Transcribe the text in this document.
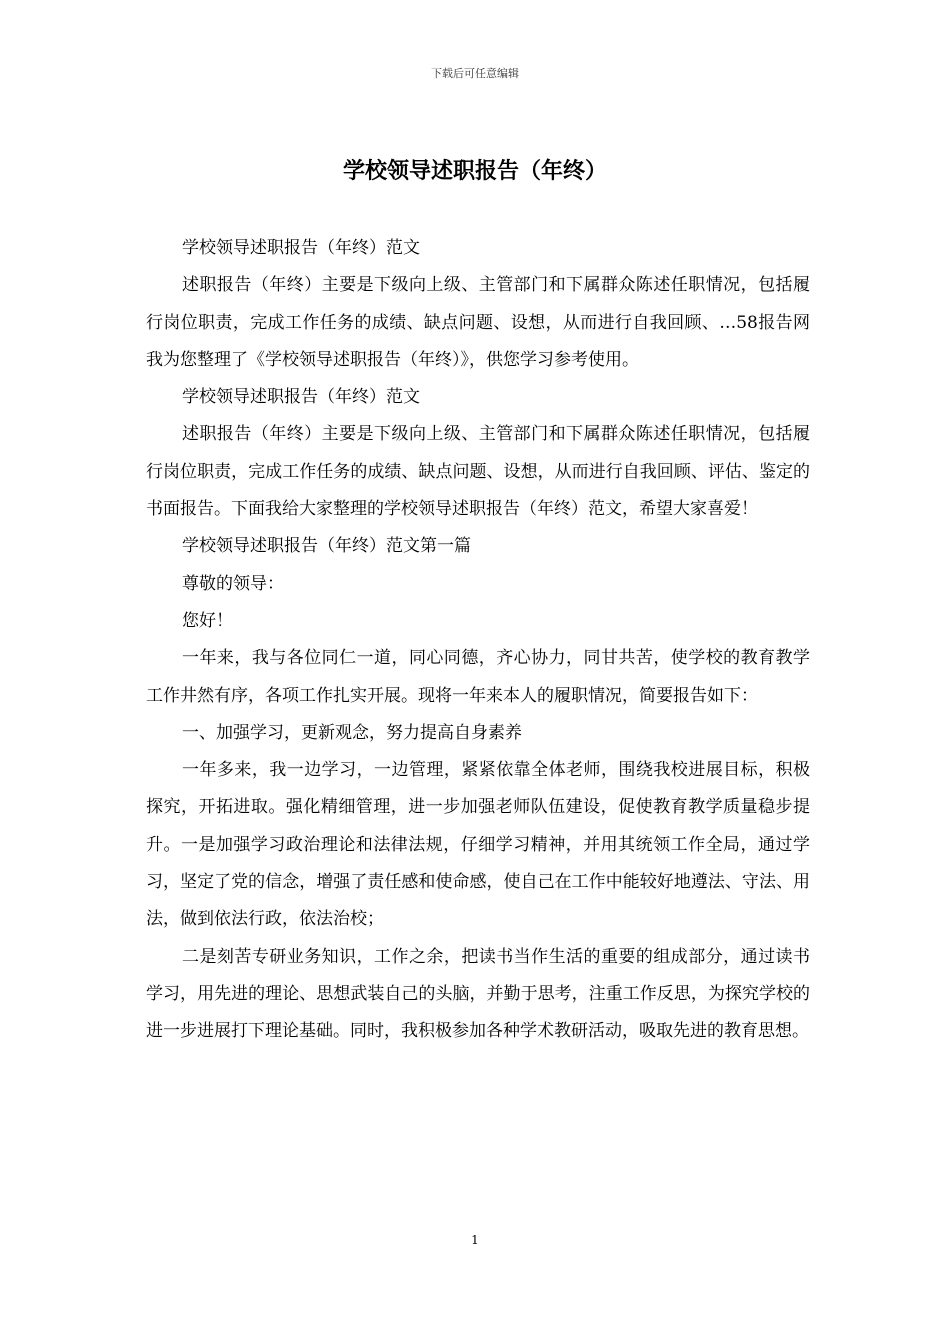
下载后可任意编辑
学校领导述职报告（年终）

学校领导述职报告（年终）范文

述职报告（年终）主要是下级向上级、主管部门和下属群众陈述任职情况，包括履行岗位职责，完成工作任务的成绩、缺点问题、设想，从而进行自我回顾、…58报告网我为您整理了《学校领导述职报告（年终）》，供您学习参考使用。

学校领导述职报告（年终）范文

述职报告（年终）主要是下级向上级、主管部门和下属群众陈述任职情况，包括履行岗位职责，完成工作任务的成绩、缺点问题、设想，从而进行自我回顾、评估、鉴定的书面报告。下面我给大家整理的学校领导述职报告（年终）范文，希望大家喜爱！

学校领导述职报告（年终）范文第一篇

尊敬的领导：

您好！

一年来，我与各位同仁一道，同心同德，齐心协力，同甘共苦，使学校的教育教学工作井然有序，各项工作扎实开展。现将一年来本人的履职情况，简要报告如下：

一、加强学习，更新观念，努力提高自身素养

一年多来，我一边学习，一边管理，紧紧依靠全体老师，围绕我校进展目标，积极探究，开拓进取。强化精细管理，进一步加强老师队伍建设，促使教育教学质量稳步提升。一是加强学习政治理论和法律法规，仔细学习精神，并用其统领工作全局，通过学习，坚定了党的信念，增强了责任感和使命感，使自己在工作中能较好地遵法、守法、用法，做到依法行政，依法治校；

二是刻苦专研业务知识，工作之余，把读书当作生活的重要的组成部分，通过读书学习，用先进的理论、思想武装自己的头脑，并勤于思考，注重工作反思，为探究学校的进一步进展打下理论基础。同时，我积极参加各种学术教研活动，吸取先进的教育思想。

1
